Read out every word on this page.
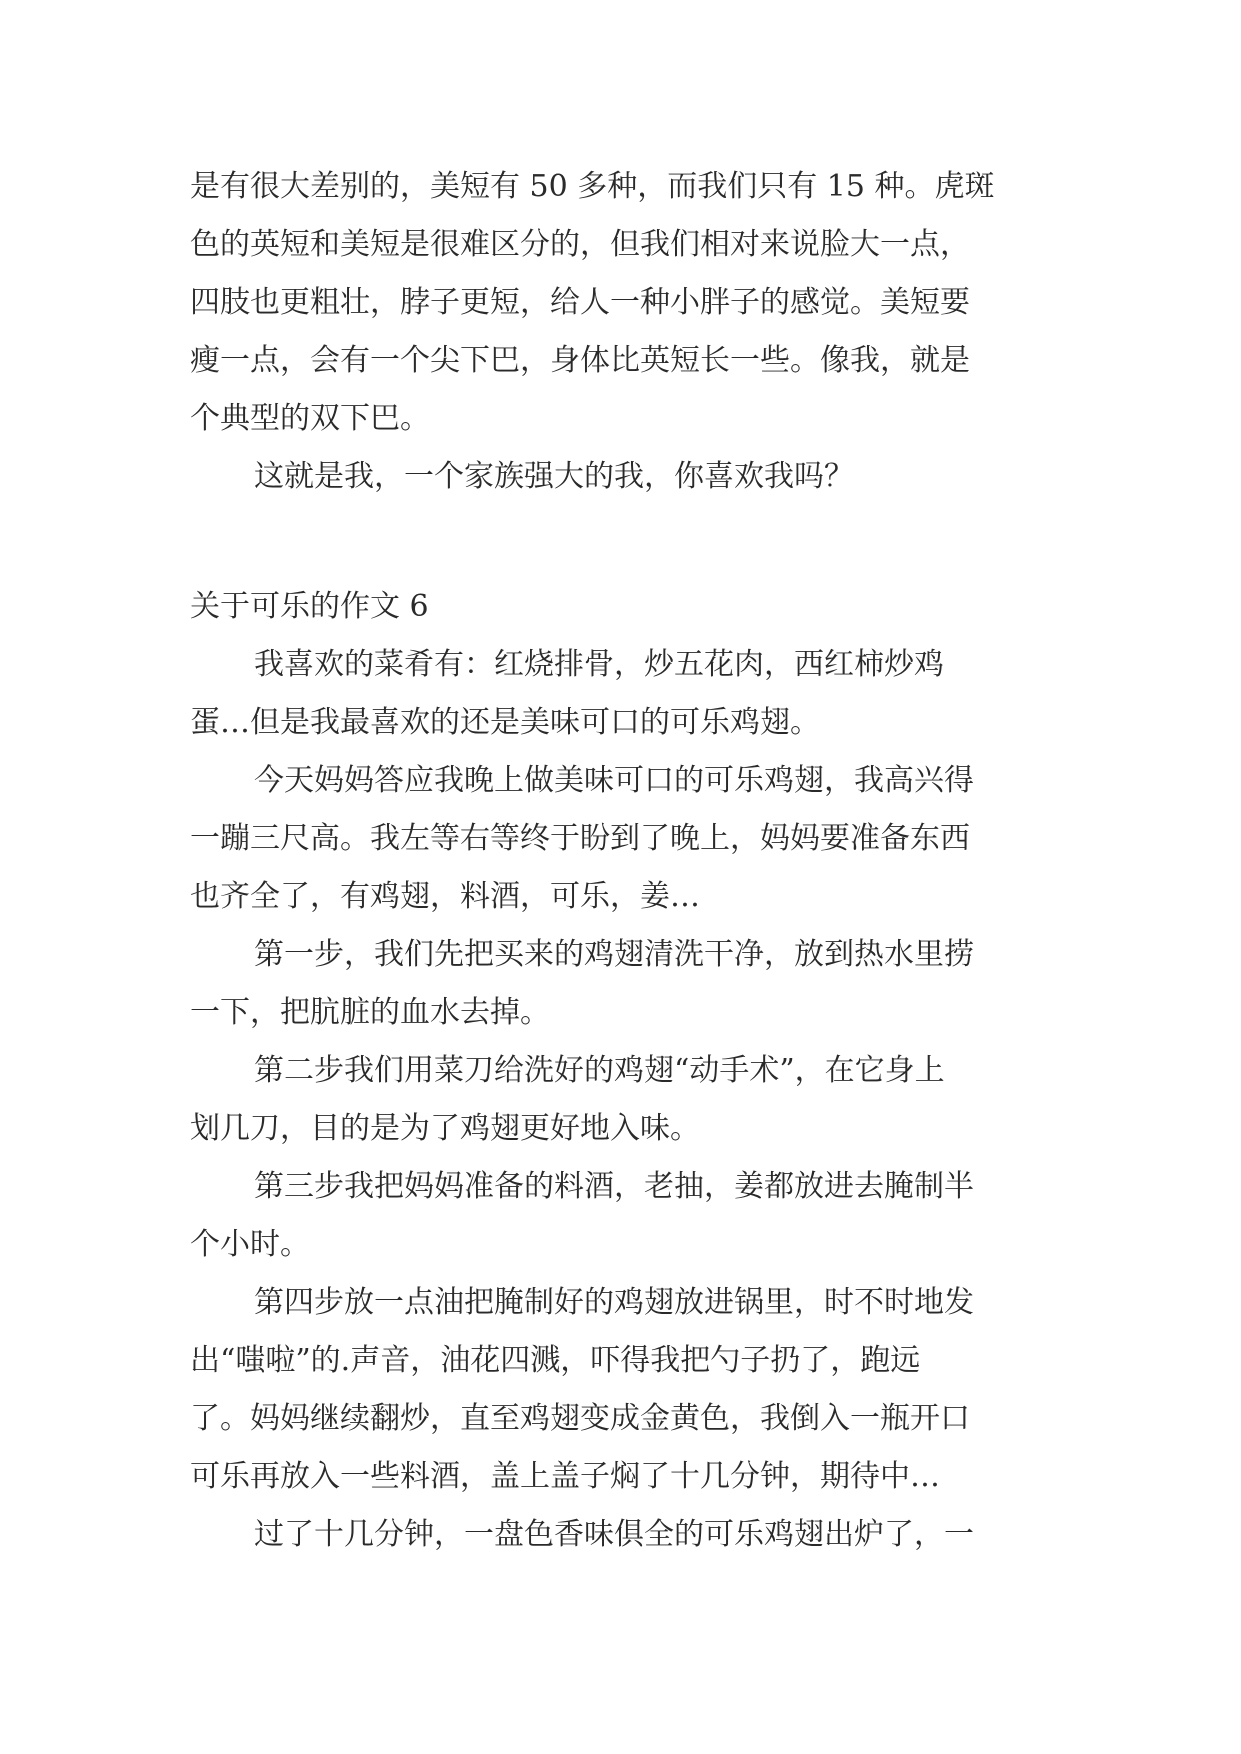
是有很大差别的，美短有 50 多种，而我们只有 15 种。虎斑
色的英短和美短是很难区分的，但我们相对来说脸大一点，
四肢也更粗壮，脖子更短，给人一种小胖子的感觉。美短要
瘦一点，会有一个尖下巴，身体比英短长一些。像我，就是
个典型的双下巴。
这就是我，一个家族强大的我，你喜欢我吗？
关于可乐的作文 6
我喜欢的菜肴有：红烧排骨，炒五花肉，西红柿炒鸡
蛋…但是我最喜欢的还是美味可口的可乐鸡翅。
今天妈妈答应我晚上做美味可口的可乐鸡翅，我高兴得
一蹦三尺高。我左等右等终于盼到了晚上，妈妈要准备东西
也齐全了，有鸡翅，料酒，可乐，姜…
第一步，我们先把买来的鸡翅清洗干净，放到热水里捞
一下，把肮脏的血水去掉。
第二步我们用菜刀给洗好的鸡翅“动手术”，在它身上
划几刀，目的是为了鸡翅更好地入味。
第三步我把妈妈准备的料酒，老抽，姜都放进去腌制半
个小时。
第四步放一点油把腌制好的鸡翅放进锅里，时不时地发
出“嗤啦”的.声音，油花四溅，吓得我把勺子扔了，跑远
了。妈妈继续翻炒，直至鸡翅变成金黄色，我倒入一瓶开口
可乐再放入一些料酒，盖上盖子焖了十几分钟，期待中…
过了十几分钟，一盘色香味俱全的可乐鸡翅出炉了，一
